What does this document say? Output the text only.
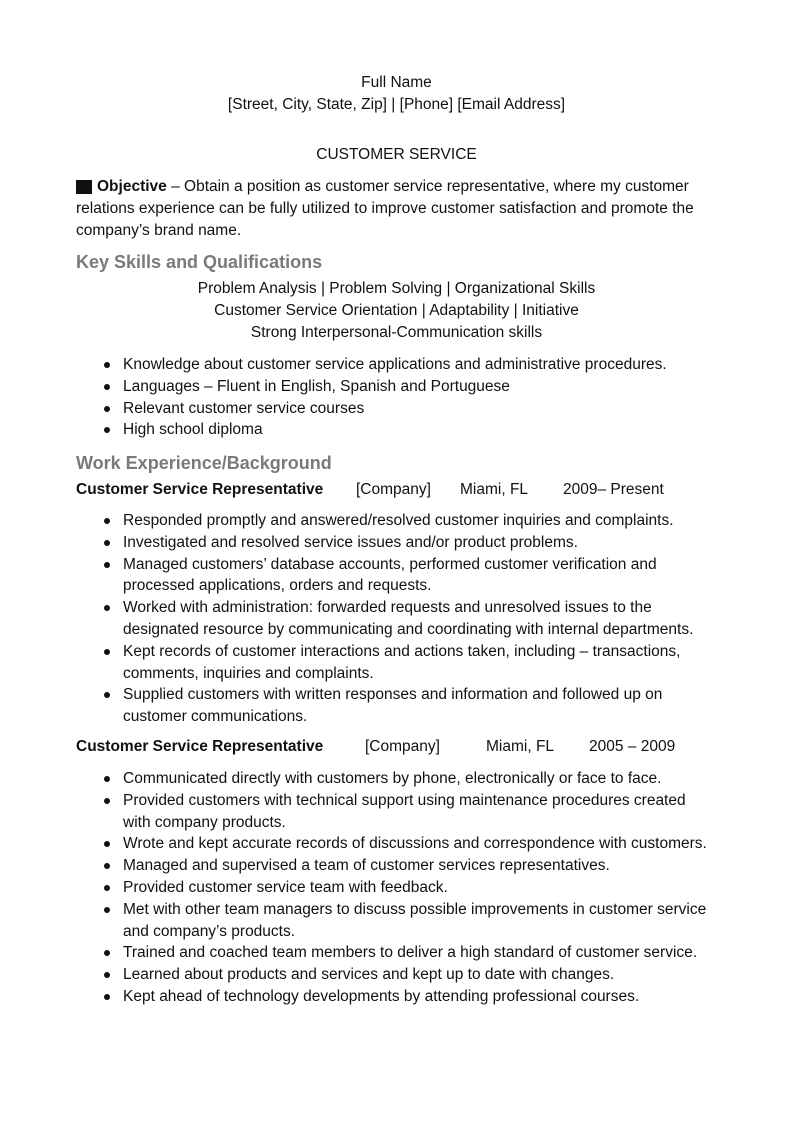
Full Name
[Street, City, State, Zip] | [Phone] [Email Address]
CUSTOMER SERVICE
Objective – Obtain a position as customer service representative, where my customer
relations experience can be fully utilized to improve customer satisfaction and promote the
company’s brand name.
Key Skills and Qualifications
Problem Analysis | Problem Solving | Organizational Skills
Customer Service Orientation | Adaptability | Initiative
Strong Interpersonal-Communication skills
Knowledge about customer service applications and administrative procedures.
Languages – Fluent in English, Spanish and Portuguese
Relevant customer service courses
High school diploma
Work Experience/Background
Customer Service Representative [Company] Miami, FL 2009– Present
Responded promptly and answered/resolved customer inquiries and complaints.
Investigated and resolved service issues and/or product problems.
Managed customers’ database accounts, performed customer verification and processed applications, orders and requests.
Worked with administration: forwarded requests and unresolved issues to the designated resource by communicating and coordinating with internal departments.
Kept records of customer interactions and actions taken, including – transactions, comments, inquiries and complaints.
Supplied customers with written responses and information and followed up on customer communications.
Customer Service Representative	[Company]	Miami, FL 2005 – 2009
Communicated directly with customers by phone, electronically or face to face.
Provided customers with technical support using maintenance procedures created with company products.
Wrote and kept accurate records of discussions and correspondence with customers.
Managed and supervised a team of customer services representatives.
Provided customer service team with feedback.
Met with other team managers to discuss possible improvements in customer service and company’s products.
Trained and coached team members to deliver a high standard of customer service.
Learned about products and services and kept up to date with changes.
Kept ahead of technology developments by attending professional courses.
